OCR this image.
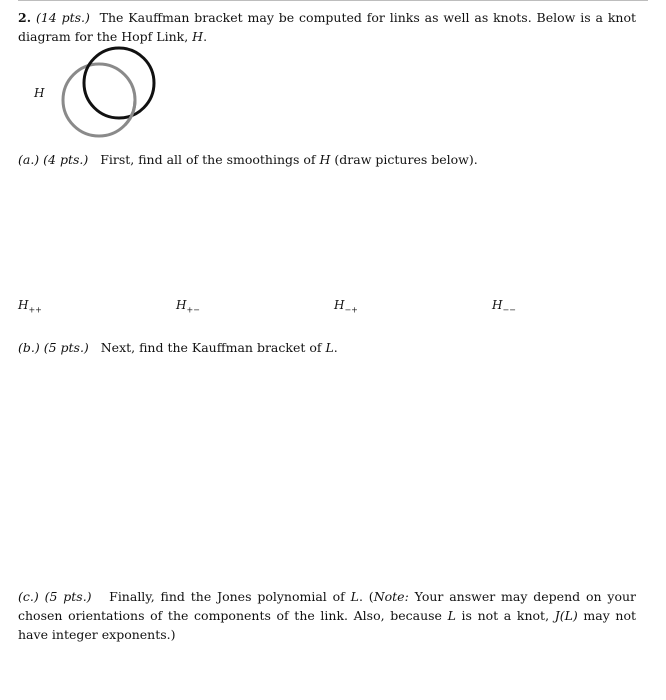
2. (14 pts.) The Kauffman bracket may be computed for links as well as knots. Below is a knot diagram for the Hopf Link, H.
H
(a.) (4 pts.) First, find all of the smoothings of H (draw pictures below).
$H_{++}$	$H_{+-}$	$H_{-+}$	$H_{--}$
(b.) (5 pts.) Next, find the Kauffman bracket of L.
(c.) (5 pts.) Finally, find the Jones polynomial of L. (Note: Your answer may depend on your chosen orientations of the components of the link. Also, because L is not a knot, J(L) may not have integer exponents.)
